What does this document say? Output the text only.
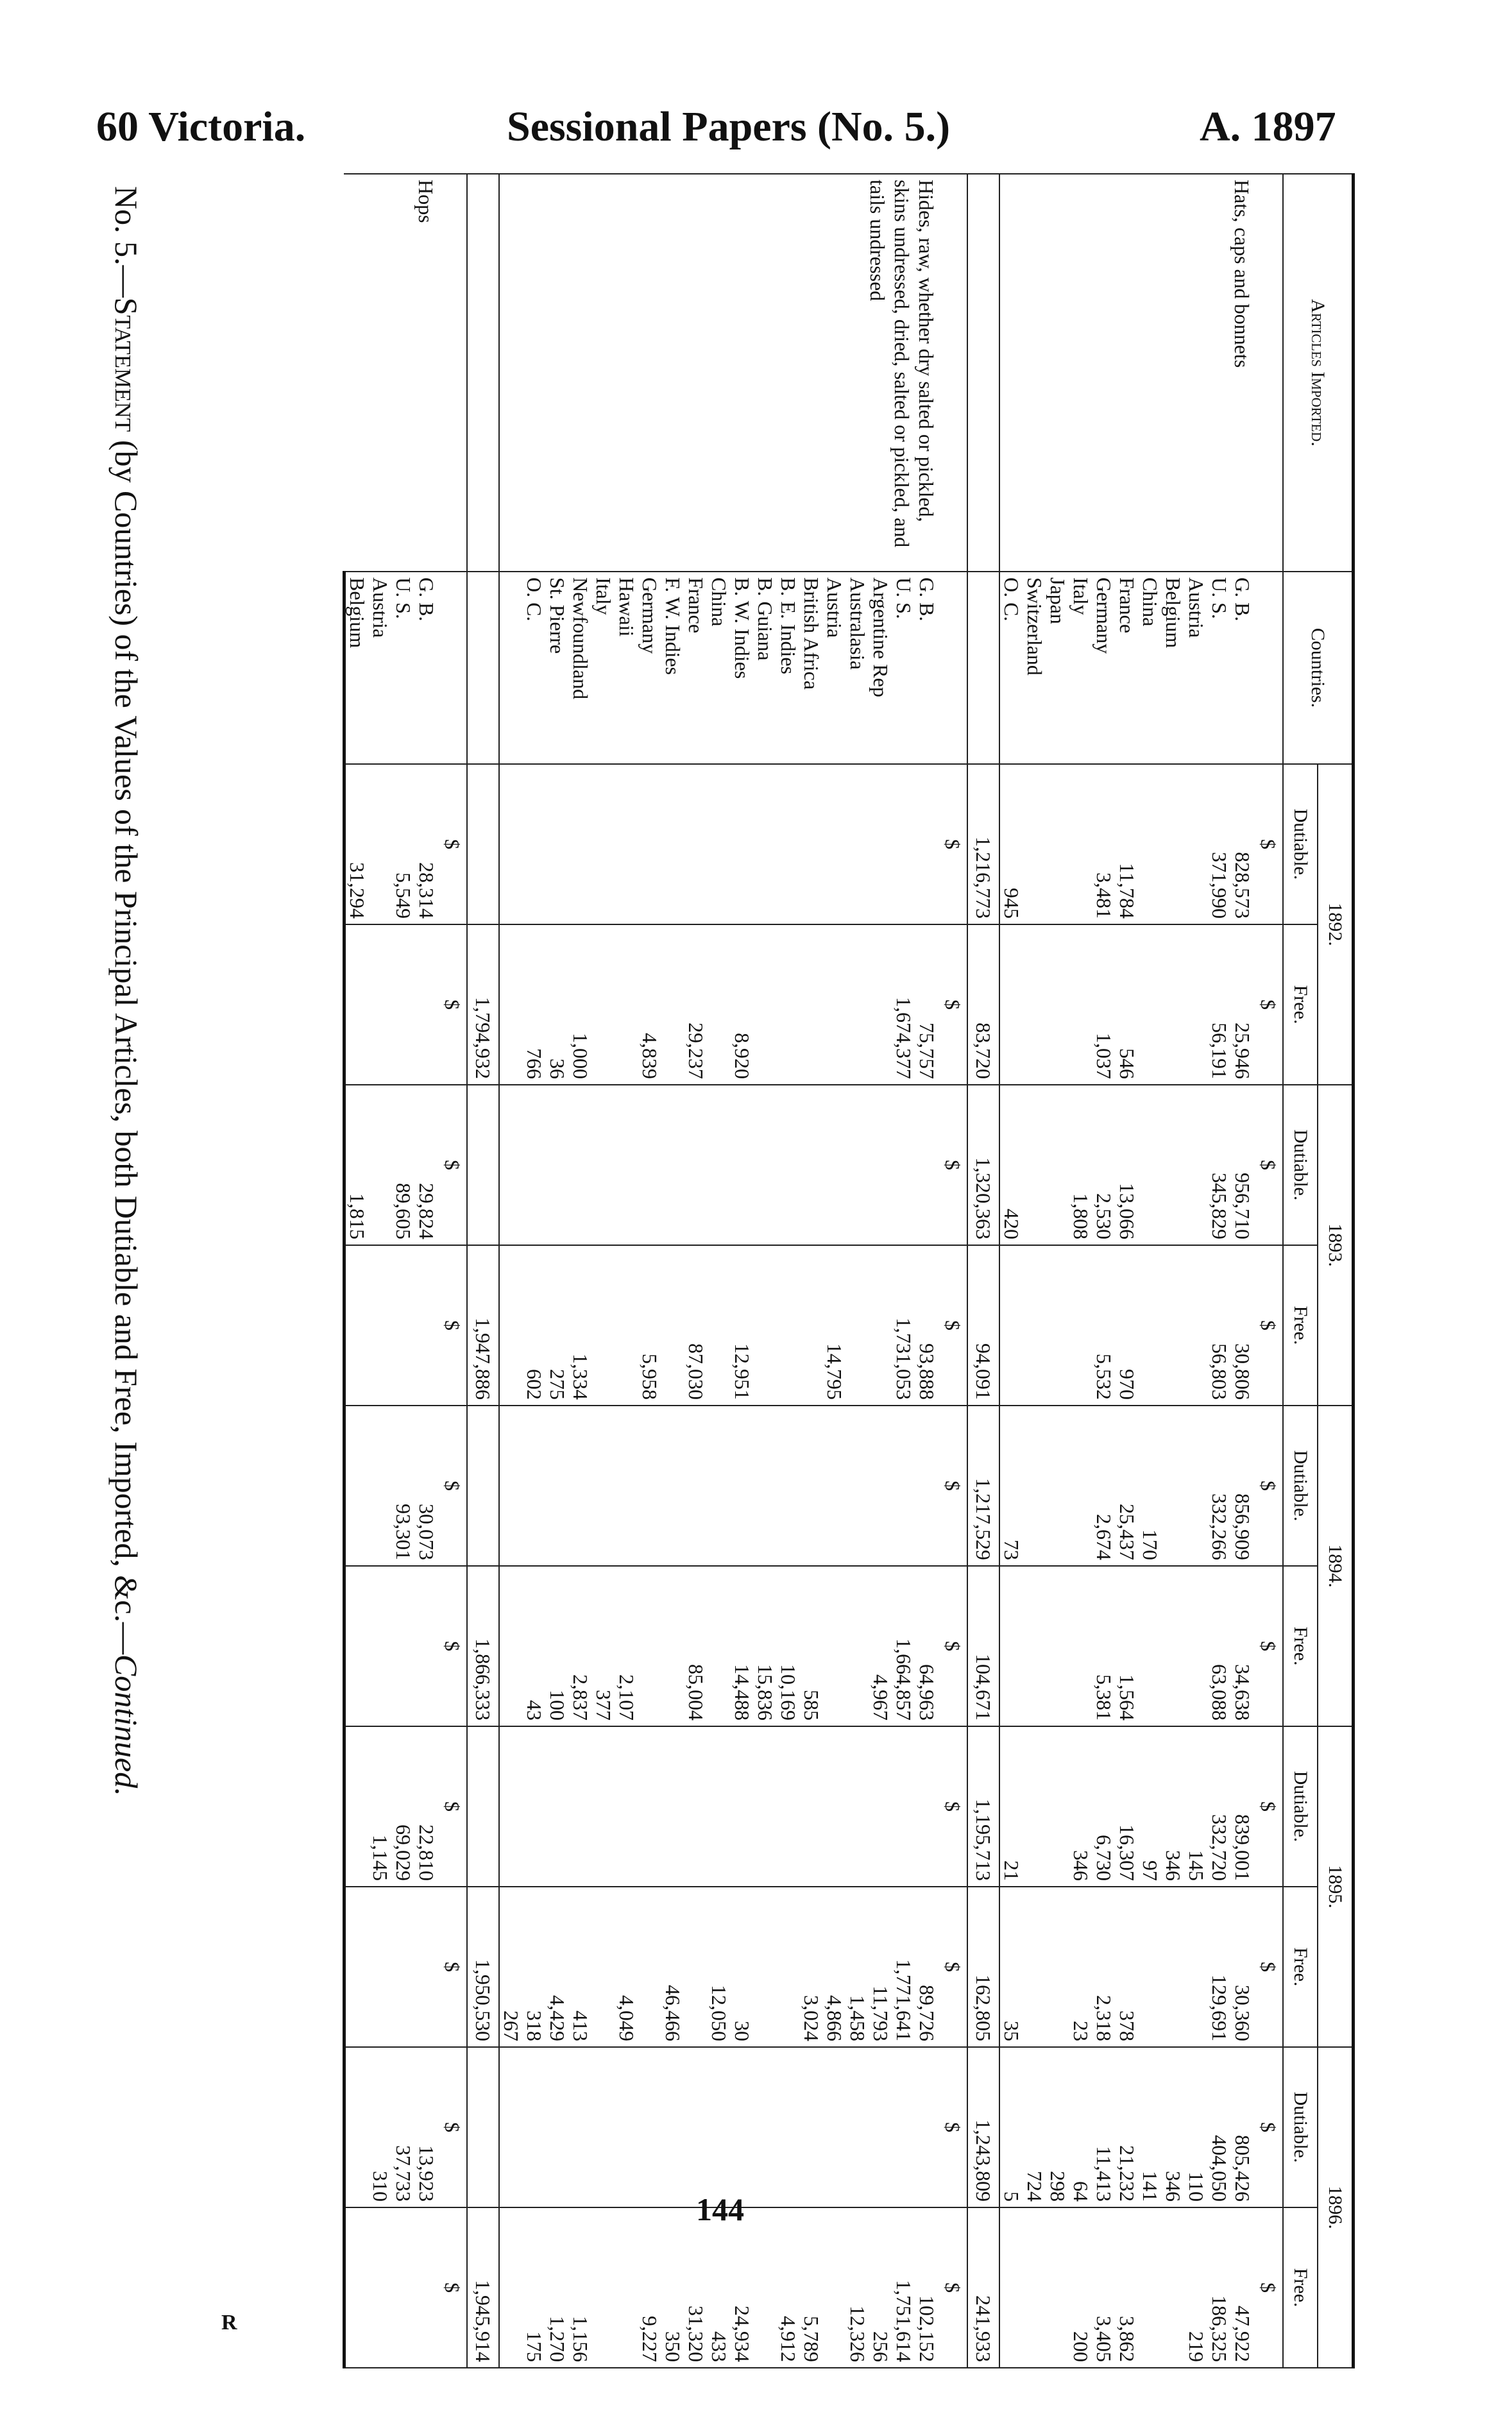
60 Victoria.	Sessional Papers (No. 5.)	A. 1897
Articles Imported.	Countries.	1892.		1893.		1894.		1895.		1896.	
		Dutiable.	Free.	Dutiable.	Free.	Dutiable.	Free.	Dutiable.	Free.	Dutiable.	Free.
		$	$	$	$	$	$	$	$	$	$
Hats, caps and bonnets	G. B.	828,573	25,946	956,710	30,806	856,909	34,638	839,001	30,360	805,426	47,922
	U. S.	371,990	56,191	345,829	56,803	332,266	63,088	332,720	129,691	404,050	186,325
	Austria							145		110	219
	Belgium							346		346	
	China					170		97		141	
	France	11,784	546	13,066	970	25,437	1,564	16,307	378	21,232	3,862
	Germany	3,481	1,037	2,530	5,532	2,674	5,381	6,730	2,318	11,413	3,405
	Italy			1,808				346	23	64	200
	Japan									298	
	Switzerland									724	
	O. C.	945		420		73		21	35	5	
		1,216,773	83,720	1,320,363	94,091	1,217,529	104,671	1,195,713	162,805	1,243,809	241,933
		$	$	$	$	$	$	$	$	$	$
Hides, raw, whether dry salted or pickled, skins undressed, dried, salted or pickled, and tails undressed	G. B.		75,757		93,888		64,963		89,726		102,152
	U. S.		1,674,377		1,731,053		1,664,857		1,771,641		1,751,614
	Argentine Rep						4,967		11,793		256
	Australasia								1,458		12,326
	Austria				14,795				4,866		
	British Africa						585		3,024		5,789
	B. E. Indies						10,169				4,912
	B. Guiana						15,836				
	B. W. Indies		8,920		12,951		14,488		30		24,934
	China								12,050		433
	France		29,237		87,030		85,004				31,320
	F. W. Indies								46,466		350
	Germany		4,839		5,958						9,227
	Hawaii						2,107		4,049		
	Italy						377				
	Newfoundland		1,000		1,334		2,837		413		1,156
	St. Pierre		36		275		100		4,429		1,270
	O. C.		766		602		43		318		175
									267		
			1,794,932		1,947,886		1,866,333		1,950,530		1,945,914
		$	$	$	$	$	$	$	$	$	$
Hops	G. B.	28,314		29,824		30,073		22,810		13,923	
	U. S.	5,549		89,605		93,301		69,029		37,733	
	Austria							1,145		310	
	Belgium	31,294		1,815							
No. 5.—Statement (by Countries) of the Values of the Principal Articles, both Dutiable and Free, Imported, &c.—Continued.
144
R
